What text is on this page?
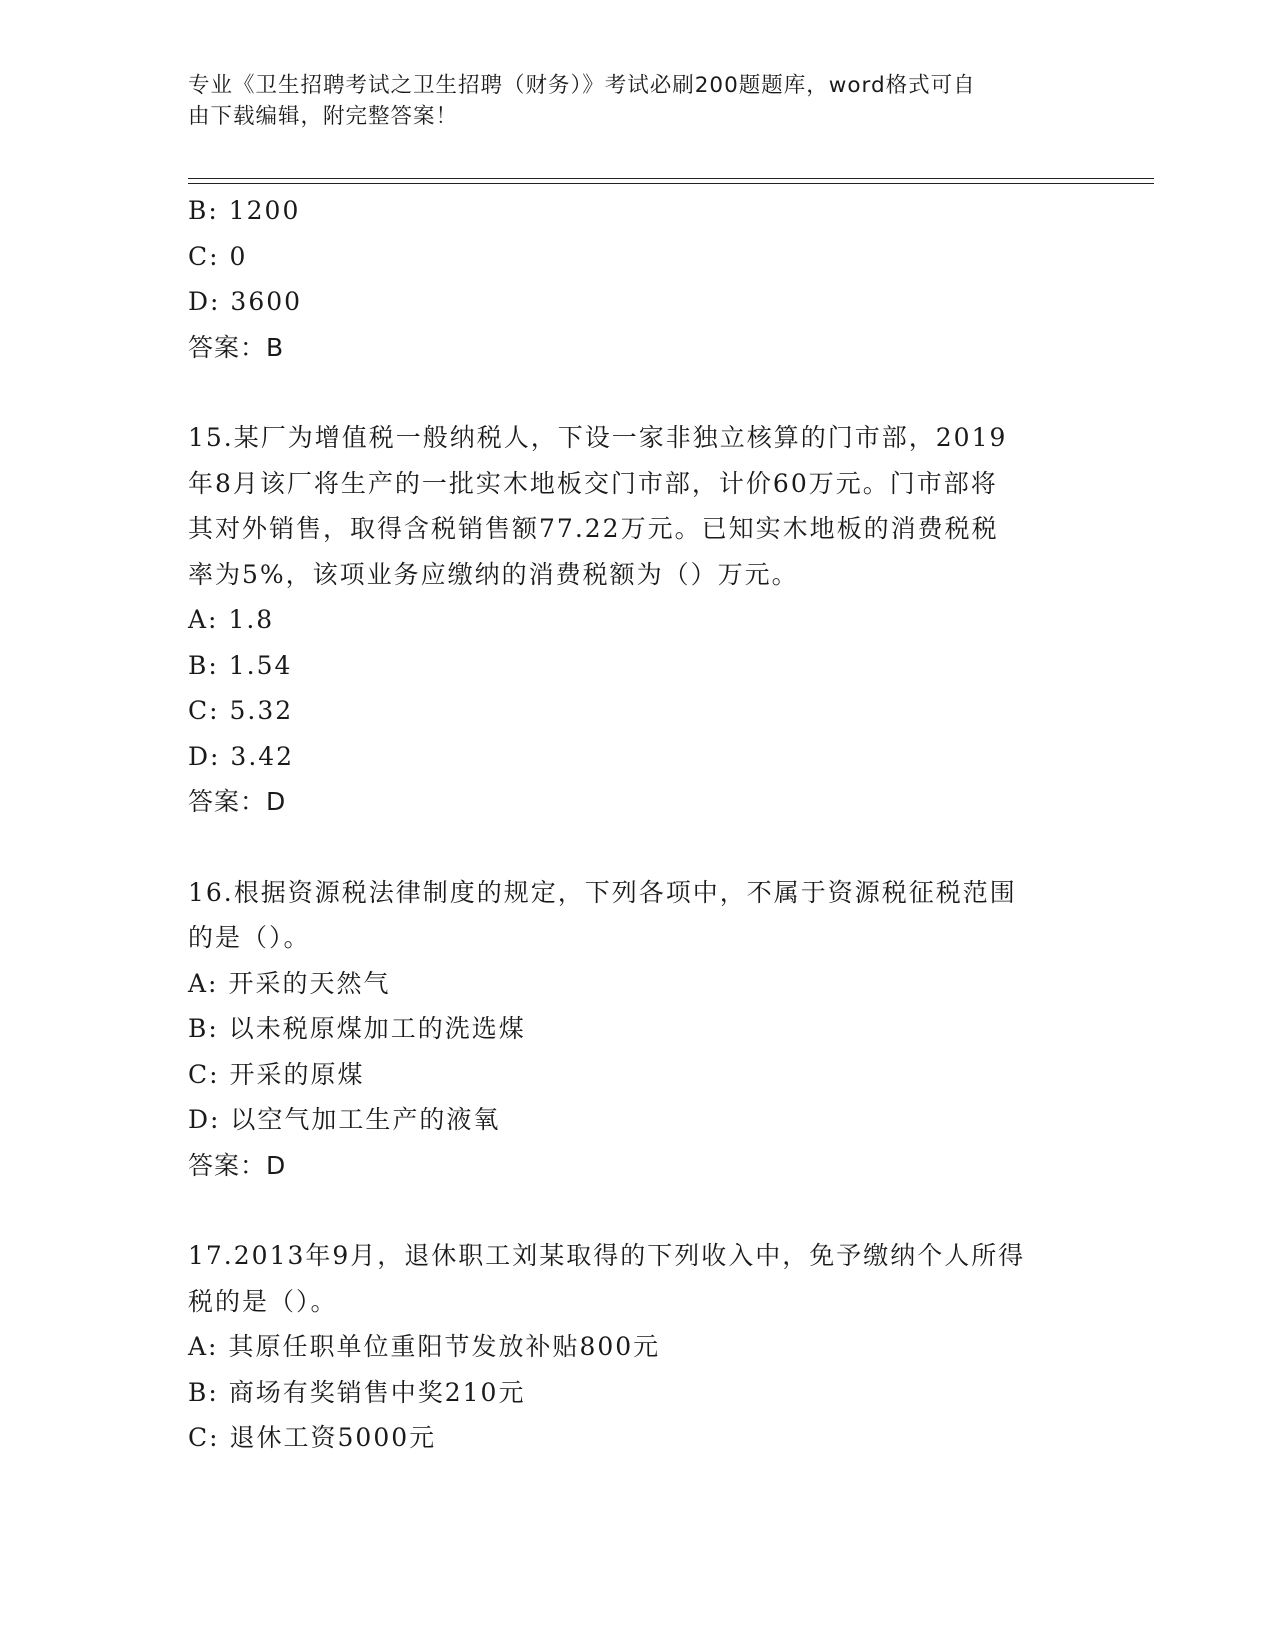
专业《卫生招聘考试之卫生招聘（财务）》考试必刷200题题库，word格式可自
由下载编辑，附完整答案！
B: 1200
C: 0
D: 3600
答案：B
15.某厂为增值税一般纳税人，下设一家非独立核算的门市部，2019
年8月该厂将生产的一批实木地板交门市部，计价60万元。门市部将
其对外销售，取得含税销售额77.22万元。已知实木地板的消费税税
率为5%，该项业务应缴纳的消费税额为（）万元。
A: 1.8
B: 1.54
C: 5.32
D: 3.42
答案：D
16.根据资源税法律制度的规定，下列各项中，不属于资源税征税范围
的是（）。
A: 开采的天然气
B: 以未税原煤加工的洗选煤
C: 开采的原煤
D: 以空气加工生产的液氧
答案：D
17.2013年9月，退休职工刘某取得的下列收入中，免予缴纳个人所得
税的是（）。
A: 其原任职单位重阳节发放补贴800元
B: 商场有奖销售中奖210元
C: 退休工资5000元
